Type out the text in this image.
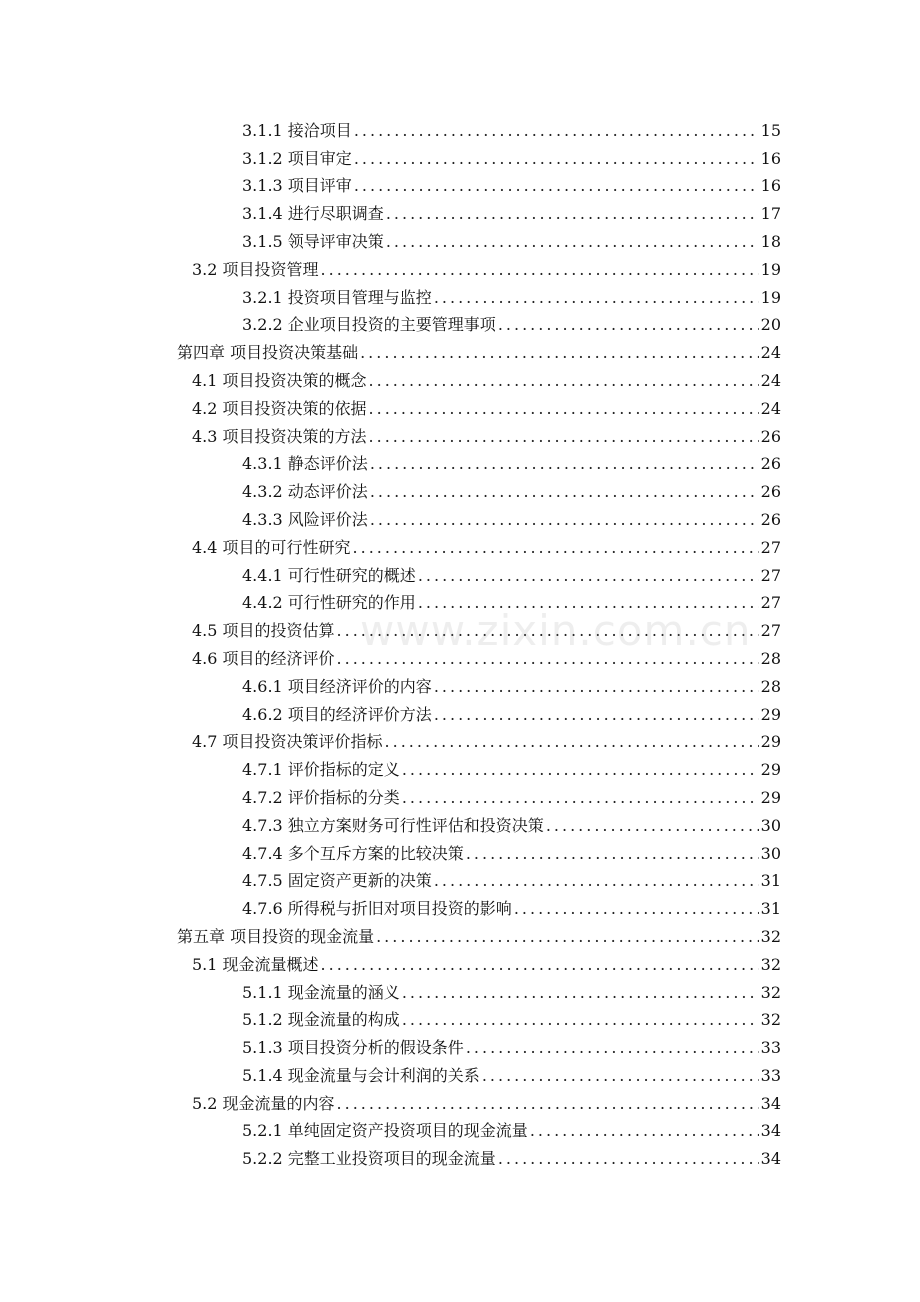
3.1.1 接洽项目 .....	15
3.1.2 项目审定 .....	16
3.1.3 项目评审 .....	16
3.1.4 进行尽职调查 .....	17
3.1.5 领导评审决策 .....	18
3.2 项目投资管理 .....	19
3.2.1 投资项目管理与监控 .....	19
3.2.2 企业项目投资的主要管理事项 .....	20
第四章 项目投资决策基础 .....	24
4.1 项目投资决策的概念 .....	24
4.2 项目投资决策的依据 .....	24
4.3 项目投资决策的方法 .....	26
4.3.1 静态评价法 .....	26
4.3.2 动态评价法 .....	26
4.3.3 风险评价法 .....	26
4.4 项目的可行性研究 .....	27
4.4.1 可行性研究的概述 .....	27
4.4.2 可行性研究的作用 .....	27
4.5 项目的投资估算 .....	27
4.6 项目的经济评价 .....	28
4.6.1 项目经济评价的内容 .....	28
4.6.2 项目的经济评价方法 .....	29
4.7 项目投资决策评价指标 .....	29
4.7.1 评价指标的定义 .....	29
4.7.2 评价指标的分类 .....	29
4.7.3 独立方案财务可行性评估和投资决策 .....	30
4.7.4 多个互斥方案的比较决策 .....	30
4.7.5 固定资产更新的决策 .....	31
4.7.6 所得税与折旧对项目投资的影响 .....	31
第五章 项目投资的现金流量 .....	32
5.1 现金流量概述 .....	32
5.1.1 现金流量的涵义 .....	32
5.1.2 现金流量的构成 .....	32
5.1.3 项目投资分析的假设条件 .....	33
5.1.4 现金流量与会计利润的关系 .....	33
5.2 现金流量的内容 .....	34
5.2.1 单纯固定资产投资项目的现金流量 .....	34
5.2.2 完整工业投资项目的现金流量 .....	34
www.zixin.com.cn
